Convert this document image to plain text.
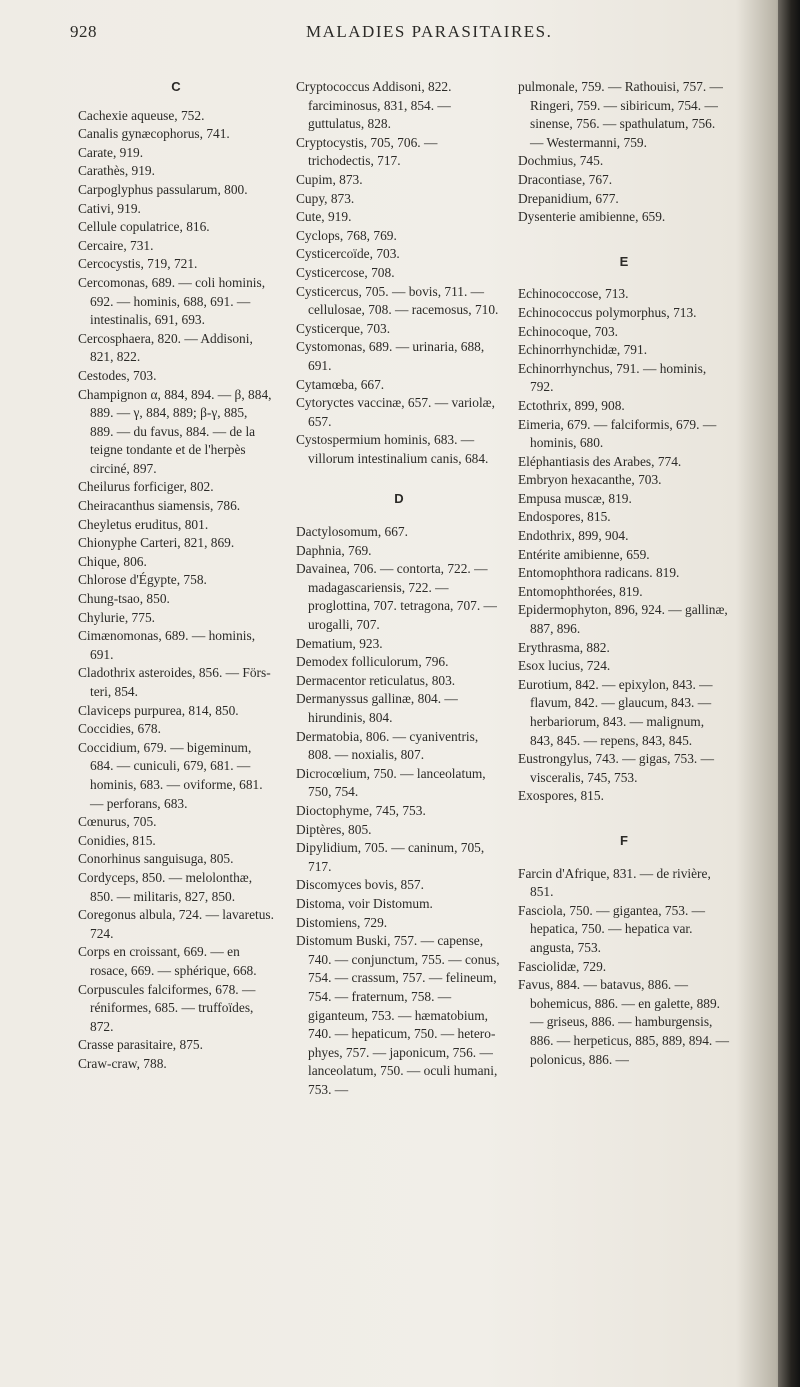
928	MALADIES PARASITAIRES.
C

Cachexie aqueuse, 752.

Canalis gynæcophorus, 741.

Carate, 919.

Carathès, 919.

Carpoglyphus passularum, 800.

Cativi, 919.

Cellule copulatrice, 816.

Cercaire, 731.

Cercocystis, 719, 721.

Cercomonas, 689. — coli hominis, 692. — hominis, 688, 691. — intestinalis, 691, 693.

Cercosphaera, 820. — Addisoni, 821, 822.

Cestodes, 703.

Champignon α, 884, 894. — β, 884, 889. — γ, 884, 889; β-γ, 885, 889. — du favus, 884. — de la teigne tondante et de l'herpès circiné, 897.

Cheilurus forficiger, 802.

Cheiracanthus siamensis, 786.

Cheyletus eruditus, 801.

Chionyphe Carteri, 821, 869.

Chique, 806.

Chlorose d'Égypte, 758.

Chung-tsao, 850.

Chylurie, 775.

Cimænomonas, 689. — hominis, 691.

Cladothrix asteroides, 856. — Försteri, 854.

Claviceps purpurea, 814, 850.

Coccidies, 678.

Coccidium, 679. — bigeminum, 684. — cuniculi, 679, 681. — hominis, 683. — oviforme, 681. — perforans, 683.

Cœnurus, 705.

Conidies, 815.

Conorhinus sanguisuga, 805.

Cordyceps, 850. — melolonthæ, 850. — militaris, 827, 850.

Coregonus albula, 724. — lavaretus. 724.

Corps en croissant, 669. — en rosace, 669. — sphérique, 668.

Corpuscules falciformes, 678. — réniformes, 685. — truffoïdes, 872.

Crasse parasitaire, 875.

Craw-craw, 788.

Cryptococcus Addisoni, 822. farciminosus, 831, 854. — guttulatus, 828.

Cryptocystis, 705, 706. — trichodectis, 717.

Cupim, 873.

Cupy, 873.

Cute, 919.

Cyclops, 768, 769.

Cysticercoïde, 703.

Cysticercose, 708.

Cysticercus, 705. — bovis, 711. — cellulosae, 708. — racemosus, 710.

Cysticerque, 703.

Cystomonas, 689. — urinaria, 688, 691.

Cytamœba, 667.

Cytoryctes vaccinæ, 657. — variolæ, 657.

Cystospermium hominis, 683. — villorum intestinalium canis, 684.

D

Dactylosomum, 667.

Daphnia, 769.

Davainea, 706. — contorta, 722. — madagascariensis, 722. — proglottina, 707. tetragona, 707. — urogalli, 707.

Dematium, 923.

Demodex folliculorum, 796.

Dermacentor reticulatus, 803.

Dermanyssus gallinæ, 804. — hirundinis, 804.

Dermatobia, 806. — cyaniventris, 808. — noxialis, 807.

Dicrocœlium, 750. — lanceolatum, 750, 754.

Dioctophyme, 745, 753.

Diptères, 805.

Dipylidium, 705. — caninum, 705, 717.

Discomyces bovis, 857.

Distoma, voir Distomum.

Distomiens, 729.

Distomum Buski, 757. — capense, 740. — conjunctum, 755. — conus, 754. — crassum, 757. — felineum, 754. — fraternum, 758. — giganteum, 753. — hæmatobium, 740. — hepaticum, 750. — heterophyes, 757. — japonicum, 756. — lanceolatum, 750. — oculi humani, 753. —

pulmonale, 759. — Rathouisi, 757. — Ringeri, 759. — sibiricum, 754. — sinense, 756. — spathulatum, 756. — Westermanni, 759.

Dochmius, 745.

Dracontiase, 767.

Drepanidium, 677.

Dysenterie amibienne, 659.

E

Echinococcose, 713.

Echinococcus polymorphus, 713.

Echinocoque, 703.

Echinorrhynchidæ, 791.

Echinorrhynchus, 791. — hominis, 792.

Ectothrix, 899, 908.

Eimeria, 679. — falciformis, 679. — hominis, 680.

Eléphantiasis des Arabes, 774.

Embryon hexacanthe, 703.

Empusa muscæ, 819.

Endospores, 815.

Endothrix, 899, 904.

Entérite amibienne, 659.

Entomophthora radicans. 819.

Entomophthorées, 819.

Epidermophyton, 896, 924. — gallinæ, 887, 896.

Erythrasma, 882.

Esox lucius, 724.

Eurotium, 842. — epixylon, 843. — flavum, 842. — glaucum, 843. — herbariorum, 843. — malignum, 843, 845. — repens, 843, 845.

Eustrongylus, 743. — gigas, 753. — visceralis, 745, 753.

Exospores, 815.

F

Farcin d'Afrique, 831. — de rivière, 851.

Fasciola, 750. — gigantea, 753. — hepatica, 750. — hepatica var. angusta, 753.

Fasciolidæ, 729.

Favus, 884. — batavus, 886. — bohemicus, 886. — en galette, 889. — griseus, 886. — hamburgensis, 886. — herpeticus, 885, 889, 894. — polonicus, 886. —
